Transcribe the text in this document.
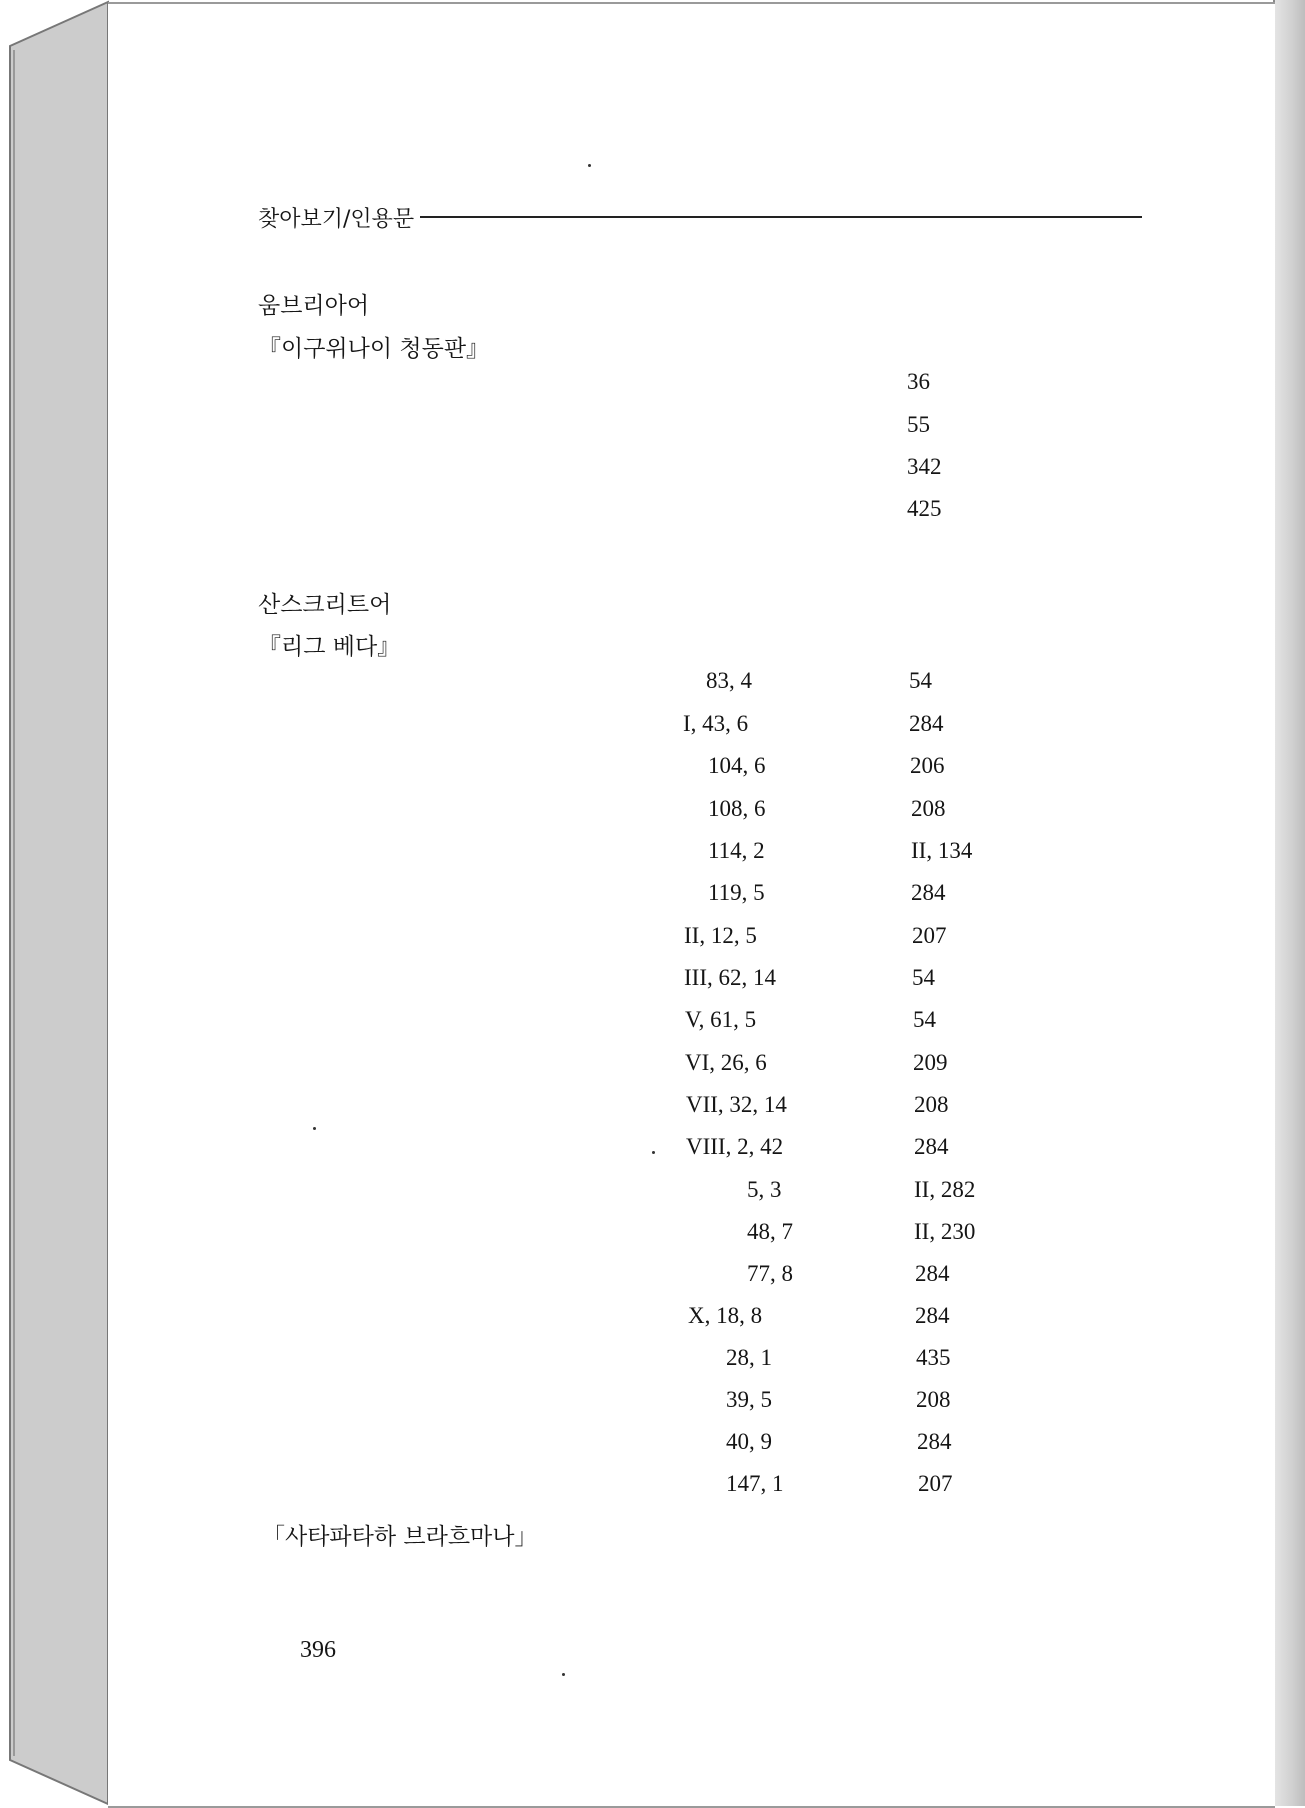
찾아보기/인용문
움브리아어
『이구위나이 청동판』
36
55
342
425
산스크리트어
『리그 베다』
83, 4	54
I, 43, 6	284
104, 6	206
108, 6	208
114, 2	II, 134
119, 5	284
II, 12, 5	207
III, 62, 14	54
V, 61, 5	54
VI, 26, 6	209
VII, 32, 14	208
VIII, 2, 42	284
5, 3	II, 282
48, 7	II, 230
77, 8	284
X, 18, 8	284
28, 1	435
39, 5	208
40, 9	284
147, 1	207
「사타파타하 브라흐마나」
396
